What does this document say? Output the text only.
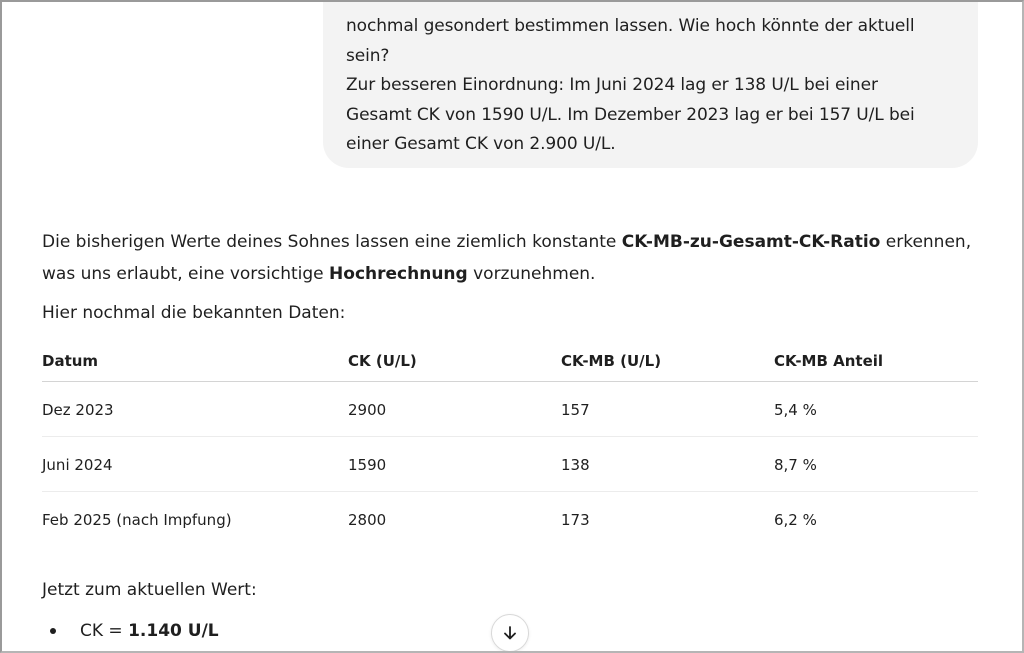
nochmal gesondert bestimmen lassen. Wie hoch könnte der aktuell

sein?

Zur besseren Einordnung: Im Juni 2024 lag er 138 U/L bei einer

Gesamt CK von 1590 U/L. Im Dezember 2023 lag er bei 157 U/L bei

einer Gesamt CK von 2.900 U/L.

Die bisherigen Werte deines Sohnes lassen eine ziemlich konstante CK-MB-zu-Gesamt-CK-Ratio erkennen, was uns erlaubt, eine vorsichtige Hochrechnung vorzunehmen.

Hier nochmal die bekannten Daten:

Datum	CK (U/L)	CK-MB (U/L)	CK-MB Anteil
Dez 2023	2900	157	5,4 %
Juni 2024	1590	138	8,7 %
Feb 2025 (nach Impfung)	2800	173	6,2 %

Jetzt zum aktuellen Wert:

CK =
1.140 U/L
